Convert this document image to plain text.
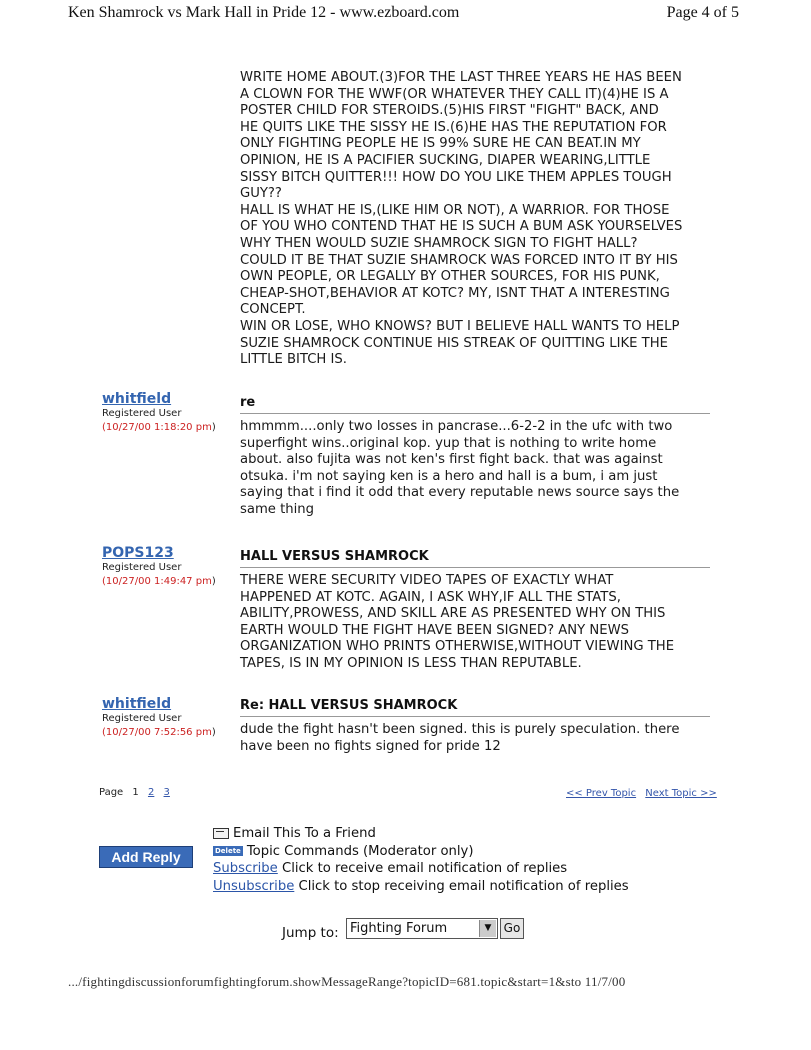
Ken Shamrock vs Mark Hall in Pride 12 - www.ezboard.com	Page 4 of 5
WRITE HOME ABOUT.(3)FOR THE LAST THREE YEARS HE HAS BEEN
A CLOWN FOR THE WWF(OR WHATEVER THEY CALL IT)(4)HE IS A
POSTER CHILD FOR STEROIDS.(5)HIS FIRST "FIGHT" BACK, AND
HE QUITS LIKE THE SISSY HE IS.(6)HE HAS THE REPUTATION FOR
ONLY FIGHTING PEOPLE HE IS 99% SURE HE CAN BEAT.IN MY
OPINION, HE IS A PACIFIER SUCKING, DIAPER WEARING,LITTLE
SISSY BITCH QUITTER!!! HOW DO YOU LIKE THEM APPLES TOUGH
GUY??
HALL IS WHAT HE IS,(LIKE HIM OR NOT), A WARRIOR. FOR THOSE
OF YOU WHO CONTEND THAT HE IS SUCH A BUM ASK YOURSELVES
WHY THEN WOULD SUZIE SHAMROCK SIGN TO FIGHT HALL?
COULD IT BE THAT SUZIE SHAMROCK WAS FORCED INTO IT BY HIS
OWN PEOPLE, OR LEGALLY BY OTHER SOURCES, FOR HIS PUNK,
CHEAP-SHOT,BEHAVIOR AT KOTC? MY, ISNT THAT A INTERESTING
CONCEPT.
WIN OR LOSE, WHO KNOWS? BUT I BELIEVE HALL WANTS TO HELP
SUZIE SHAMROCK CONTINUE HIS STREAK OF QUITTING LIKE THE
LITTLE BITCH IS.
whitfield
Registered User
(10/27/00 1:18:20 pm)
re
hmmmm....only two losses in pancrase...6-2-2 in the ufc with two
superfight wins..original kop. yup that is nothing to write home
about. also fujita was not ken's first fight back. that was against
otsuka. i'm not saying ken is a hero and hall is a bum, i am just
saying that i find it odd that every reputable news source says the
same thing
POPS123
Registered User
(10/27/00 1:49:47 pm)
HALL VERSUS SHAMROCK
THERE WERE SECURITY VIDEO TAPES OF EXACTLY WHAT
HAPPENED AT KOTC. AGAIN, I ASK WHY,IF ALL THE STATS,
ABILITY,PROWESS, AND SKILL ARE AS PRESENTED WHY ON THIS
EARTH WOULD THE FIGHT HAVE BEEN SIGNED? ANY NEWS
ORGANIZATION WHO PRINTS OTHERWISE,WITHOUT VIEWING THE
TAPES, IS IN MY OPINION IS LESS THAN REPUTABLE.
whitfield
Registered User
(10/27/00 7:52:56 pm)
Re: HALL VERSUS SHAMROCK
dude the fight hasn't been signed. this is purely speculation. there
have been no fights signed for pride 12
Page 1 2 3	<< Prev Topic Next Topic >>
Add Reply
Email This To a Friend
Delete Topic Commands (Moderator only)
Subscribe Click to receive email notification of replies
Unsubscribe Click to stop receiving email notification of replies
Jump to: Fighting Forum	▼	Go
.../fightingdiscussionforumfightingforum.showMessageRange?topicID=681.topic&start=1&sto 11/7/00
